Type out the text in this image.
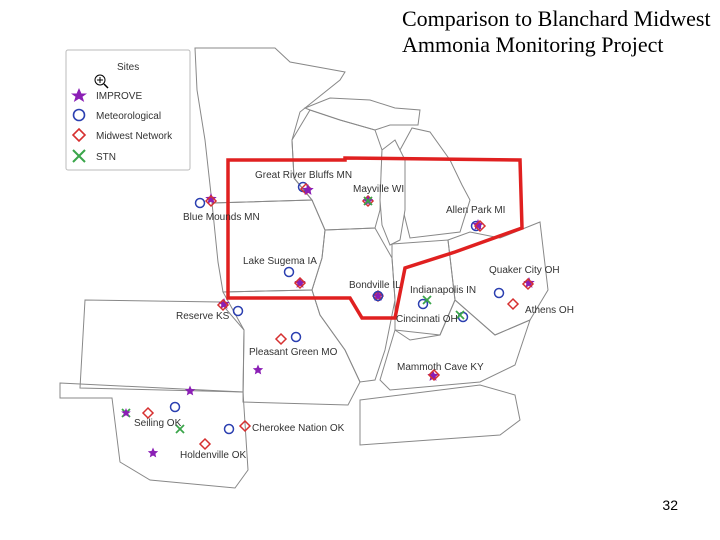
Comparison to Blanchard Midwest Ammonia Monitoring Project
Sites
IMPROVE
Meteorological
Midwest Network
STN
Great River Bluffs MN
Mayville WI
Blue Mounds MN
Allen Park MI
Lake Sugema IA
Quaker City OH
Bondville IL Indianapolis IN
Reserve KS	Cincinnati OH
Athens OH
Pleasant Green MO
Mammoth Cave KY
Seiling OK	Cherokee Nation OK
Holdenville OK
32
